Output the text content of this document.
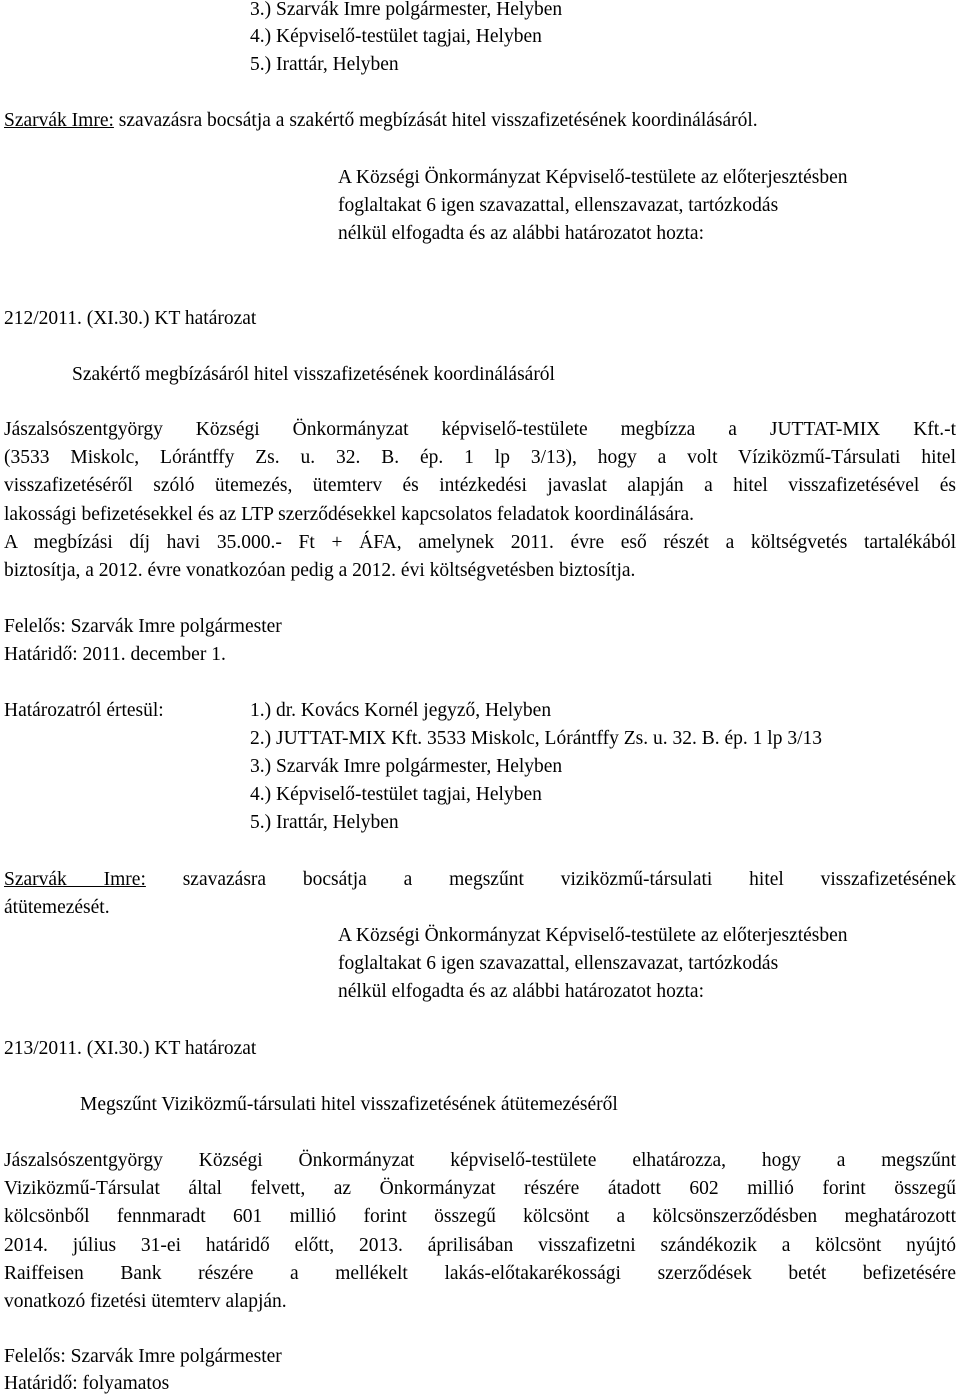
3.) Szarvák Imre polgármester, Helyben
4.) Képviselő-testület tagjai, Helyben
5.) Irattár, Helyben
Szarvák Imre: szavazásra bocsátja a szakértő megbízását hitel visszafizetésének koordinálásáról.
A Községi Önkormányzat Képviselő-testülete az előterjesztésben
foglaltakat 6 igen szavazattal, ellenszavazat, tartózkodás
nélkül elfogadta és az alábbi határozatot hozta:
212/2011. (XI.30.) KT határozat
Szakértő megbízásáról hitel visszafizetésének koordinálásáról
Jászalsószentgyörgy Községi Önkormányzat képviselő-testülete megbízza a JUTTAT-MIX Kft.-t
(3533 Miskolc, Lórántffy Zs. u. 32. B. ép. 1 lp 3/13), hogy a volt Víziközmű-Társulati hitel
visszafizetéséről szóló ütemezés, ütemterv és intézkedési javaslat alapján a hitel visszafizetésével és
lakossági befizetésekkel és az LTP szerződésekkel kapcsolatos feladatok koordinálására.
A megbízási díj havi 35.000.- Ft + ÁFA, amelynek 2011. évre eső részét a költségvetés tartalékából
biztosítja, a 2012. évre vonatkozóan pedig a 2012. évi költségvetésben biztosítja.
Felelős: Szarvák Imre polgármester
Határidő: 2011. december 1.
Határozatról értesül:	1.) dr. Kovács Kornél jegyző, Helyben
2.) JUTTAT-MIX Kft. 3533 Miskolc, Lórántffy Zs. u. 32. B. ép. 1 lp 3/13
3.) Szarvák Imre polgármester, Helyben
4.) Képviselő-testület tagjai, Helyben
5.) Irattár, Helyben
Szarvák Imre: szavazásra bocsátja a megszűnt viziközmű-társulati hitel visszafizetésének
átütemezését.
A Községi Önkormányzat Képviselő-testülete az előterjesztésben
foglaltakat 6 igen szavazattal, ellenszavazat, tartózkodás
nélkül elfogadta és az alábbi határozatot hozta:
213/2011. (XI.30.) KT határozat
Megszűnt Viziközmű-társulati hitel visszafizetésének átütemezéséről
Jászalsószentgyörgy Községi Önkormányzat képviselő-testülete elhatározza, hogy a megszűnt
Viziközmű-Társulat által felvett, az Önkormányzat részére átadott 602 millió forint összegű
kölcsönből fennmaradt 601 millió forint összegű kölcsönt a kölcsönszerződésben meghatározott
2014. július 31-ei határidő előtt, 2013. áprilisában visszafizetni szándékozik a kölcsönt nyújtó
Raiffeisen Bank részére a mellékelt lakás-előtakarékossági szerződések betét befizetésére
vonatkozó fizetési ütemterv alapján.
Felelős: Szarvák Imre polgármester
Határidő: folyamatos
